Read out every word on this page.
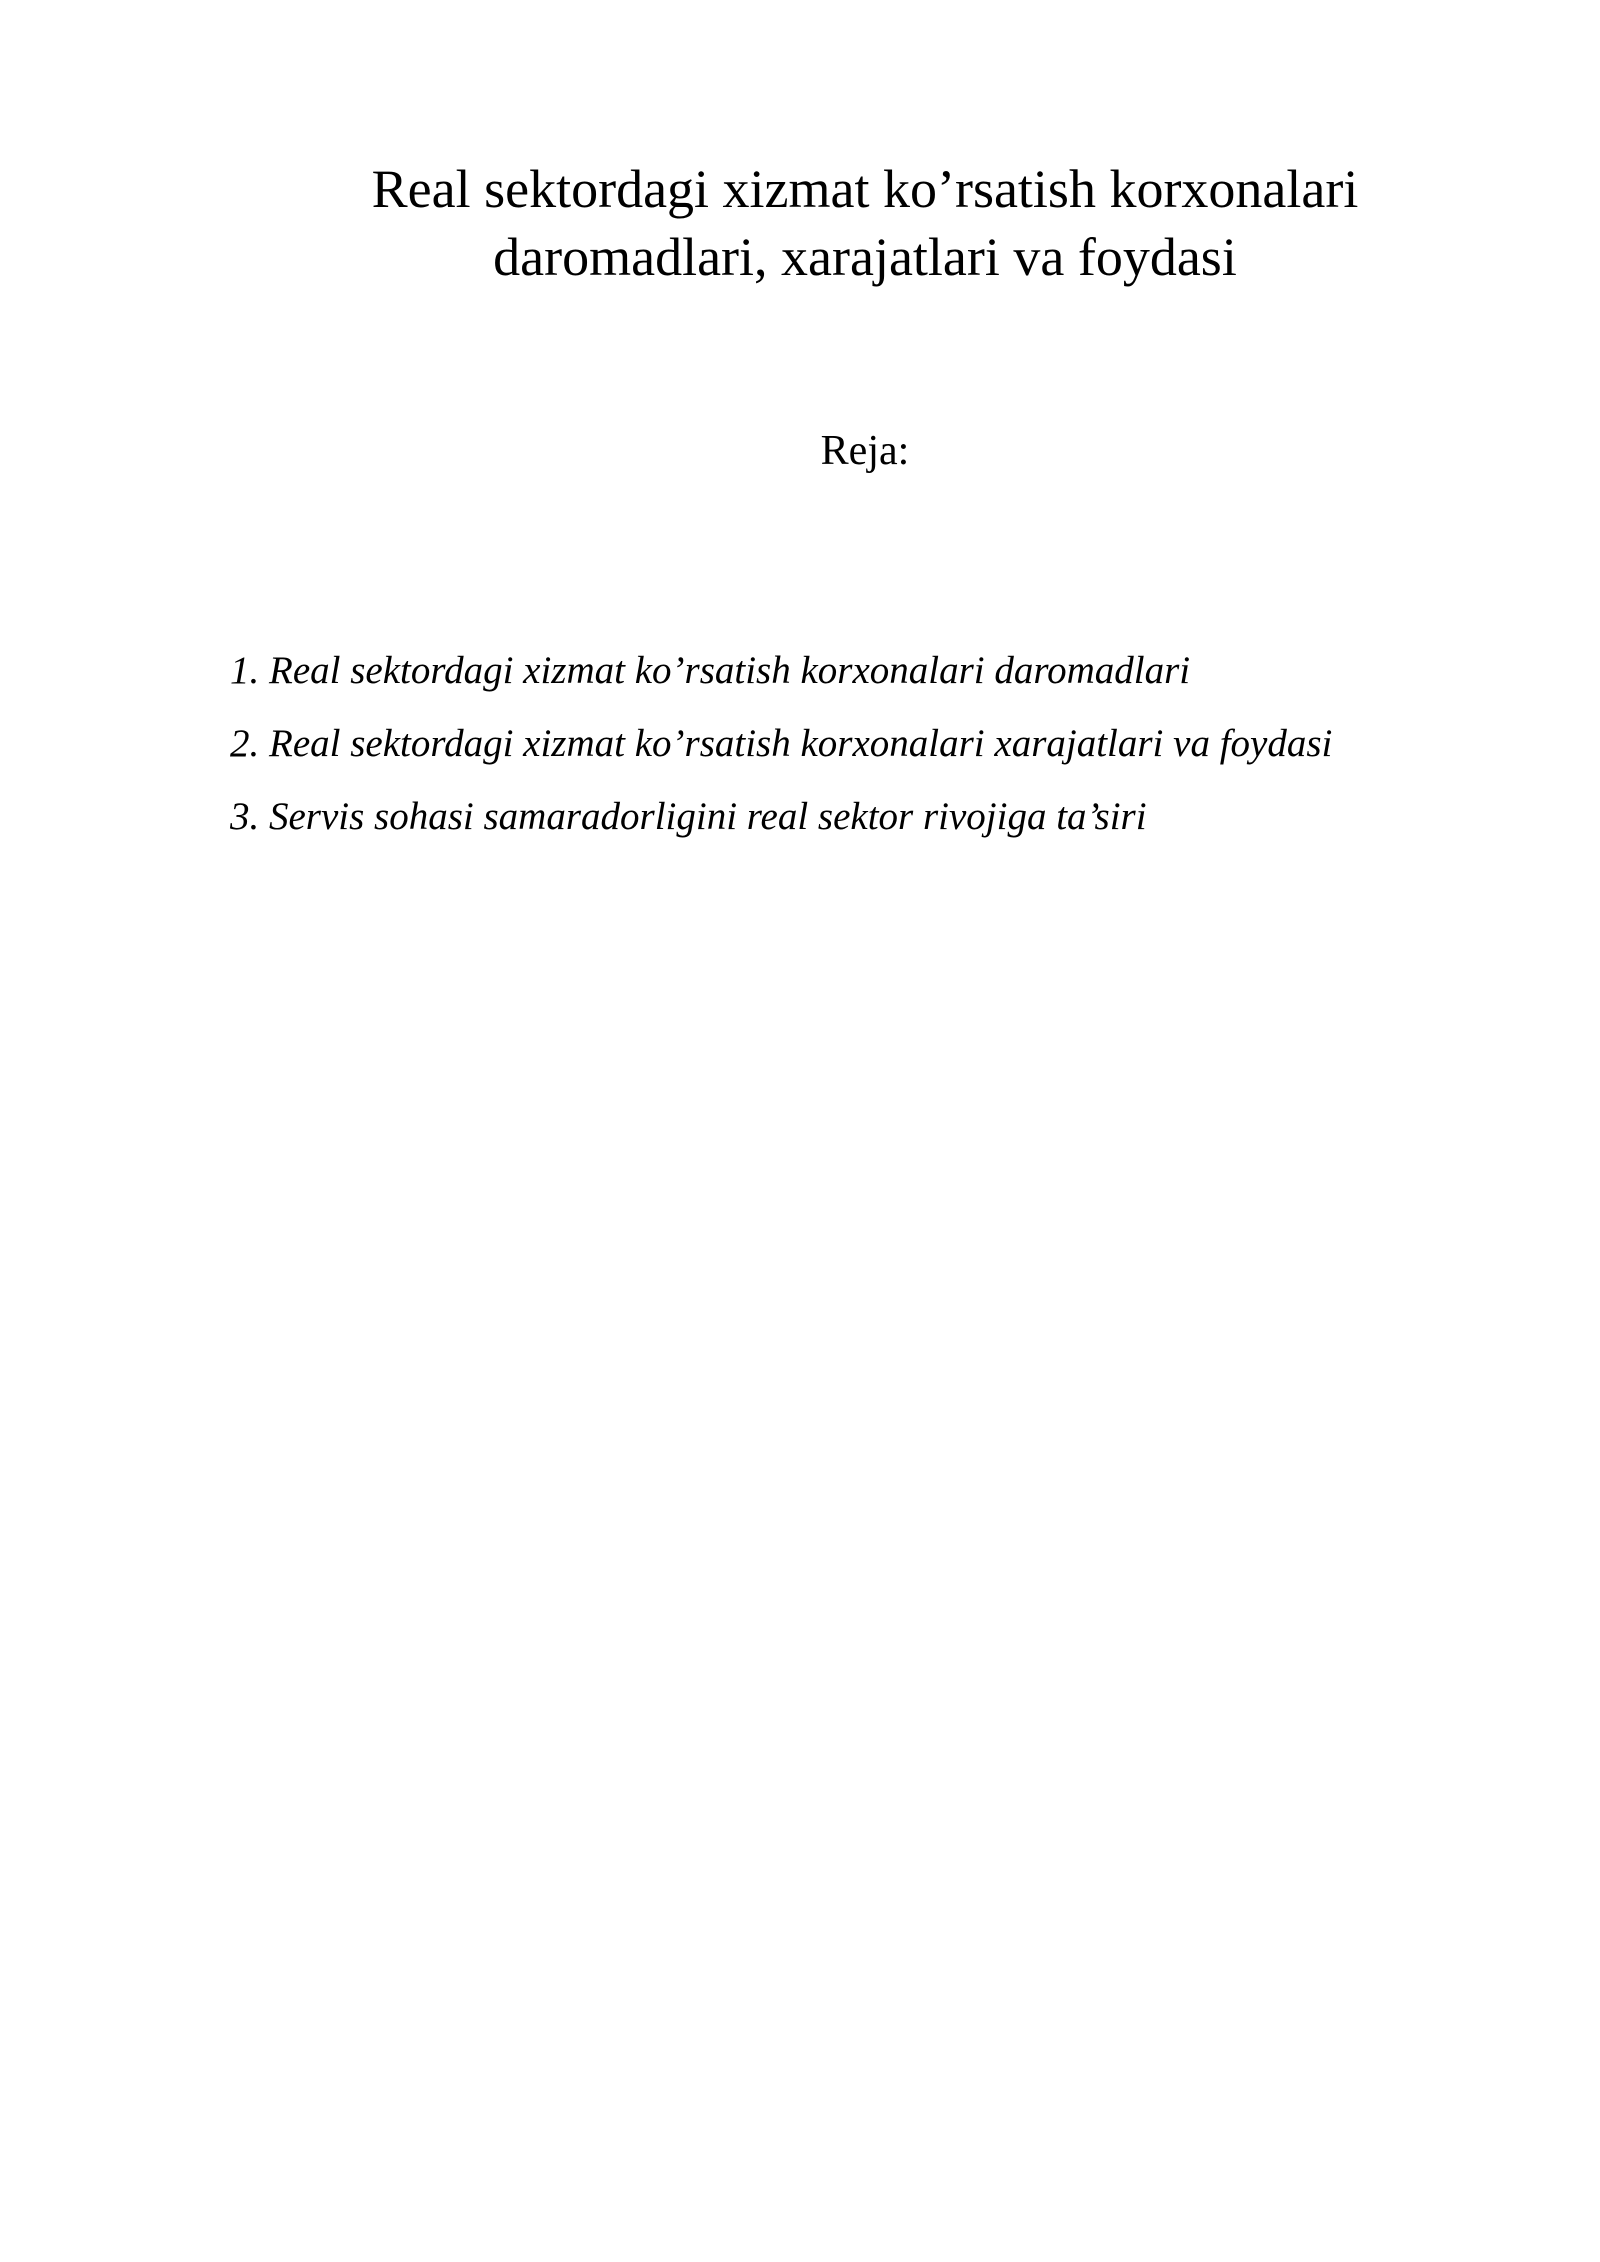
Real sektordagi xizmat ko’rsatish korxonalari
daromadlari, xarajatlari va foydasi
Reja:
1. Real sektordagi xizmat ko’rsatish korxonalari daromadlari
2. Real sektordagi xizmat ko’rsatish korxonalari xarajatlari va foydasi
3. Servis sohasi samaradorligini real sektor rivojiga ta’siri
